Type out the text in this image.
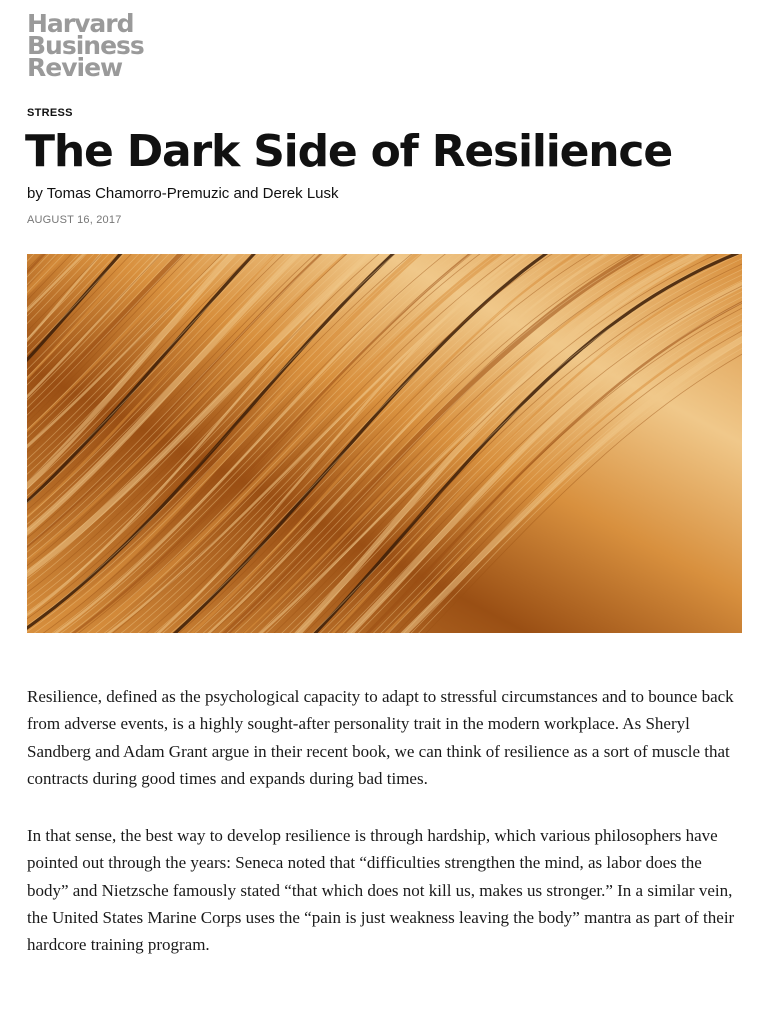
Harvard
Business
Review
STRESS
The Dark Side of Resilience
by Tomas Chamorro-Premuzic and Derek Lusk
AUGUST 16, 2017

Resilience, defined as the psychological capacity to adapt to stressful circumstances and to bounce back from adverse events, is a highly sought-after personality trait in the modern workplace. As Sheryl Sandberg and Adam Grant argue in their recent book, we can think of resilience as a sort of muscle that contracts during good times and expands during bad times.

In that sense, the best way to develop resilience is through hardship, which various philosophers have pointed out through the years: Seneca noted that “difficulties strengthen the mind, as labor does the body” and Nietzsche famously stated “that which does not kill us, makes us stronger.” In a similar vein, the United States Marine Corps uses the “pain is just weakness leaving the body” mantra as part of their hardcore training program.
